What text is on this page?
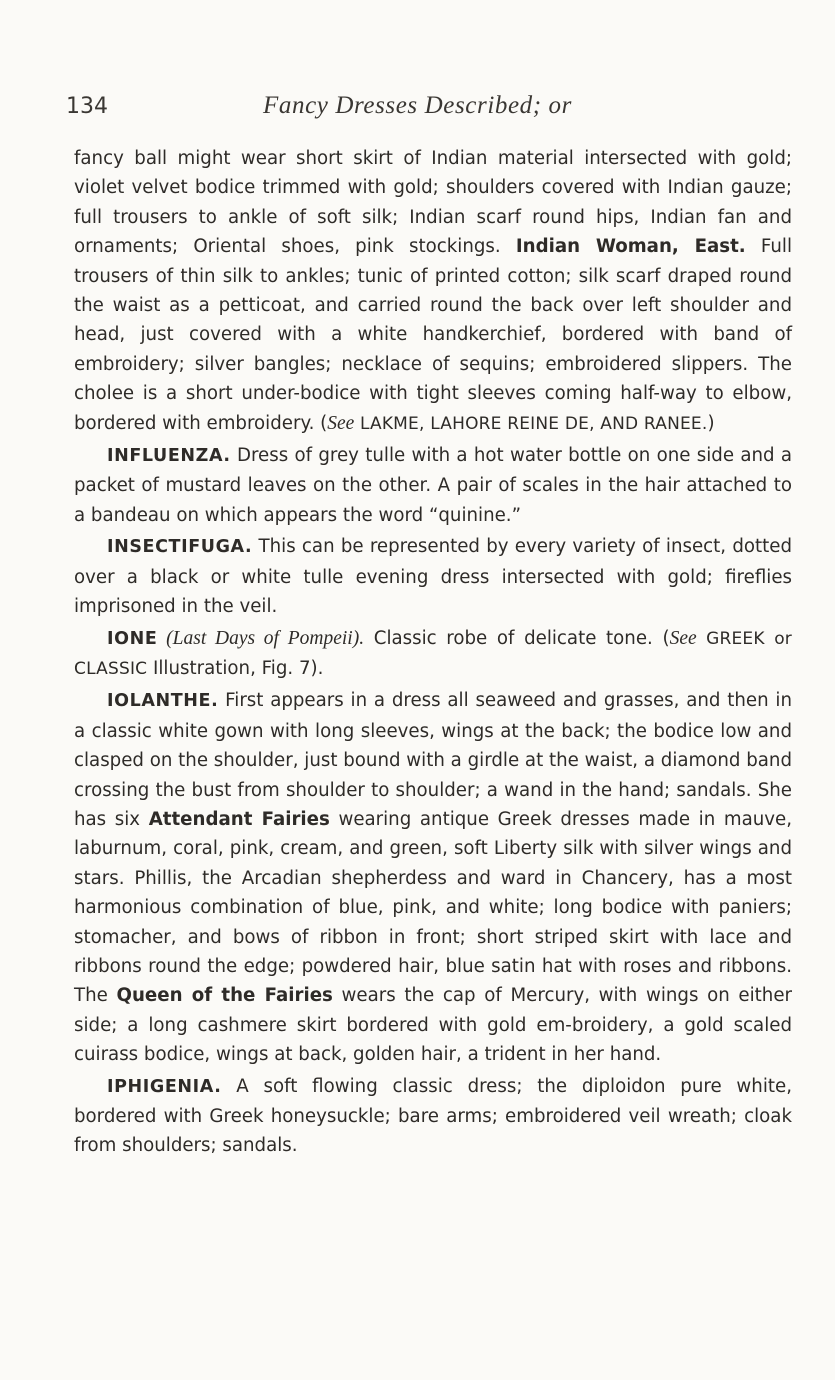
134	Fancy Dresses Described; or

fancy ball might wear short skirt of Indian material intersected with gold; violet velvet bodice trimmed with gold; shoulders covered with Indian gauze; full trousers to ankle of soft silk; Indian scarf round hips, Indian fan and ornaments; Oriental shoes, pink stockings. Indian Woman, East. Full trousers of thin silk to ankles; tunic of printed cotton; silk scarf draped round the waist as a petticoat, and carried round the back over left shoulder and head, just covered with a white handkerchief, bordered with band of embroidery; silver bangles; necklace of sequins; embroidered slippers. The cholee is a short under-bodice with tight sleeves coming half-way to elbow, bordered with embroidery. (See LAKME, LAHORE REINE DE, AND RANEE.)

INFLUENZA. Dress of grey tulle with a hot water bottle on one side and a packet of mustard leaves on the other. A pair of scales in the hair attached to a bandeau on which appears the word “quinine.”

INSECTIFUGA. This can be represented by every variety of insect, dotted over a black or white tulle evening dress intersected with gold; fireflies imprisoned in the veil.

IONE (Last Days of Pompeii). Classic robe of delicate tone. (See GREEK or CLASSIC Illustration, Fig. 7).

IOLANTHE. First appears in a dress all seaweed and grasses, and then in a classic white gown with long sleeves, wings at the back; the bodice low and clasped on the shoulder, just bound with a girdle at the waist, a diamond band crossing the bust from shoulder to shoulder; a wand in the hand; sandals. She has six Attendant Fairies wearing antique Greek dresses made in mauve, laburnum, coral, pink, cream, and green, soft Liberty silk with silver wings and stars. Phillis, the Arcadian shepherdess and ward in Chancery, has a most harmonious combination of blue, pink, and white; long bodice with paniers; stomacher, and bows of ribbon in front; short striped skirt with lace and ribbons round the edge; powdered hair, blue satin hat with roses and ribbons. The Queen of the Fairies wears the cap of Mercury, with wings on either side; a long cashmere skirt bordered with gold em-broidery, a gold scaled cuirass bodice, wings at back, golden hair, a trident in her hand.

IPHIGENIA. A soft flowing classic dress; the diploidon pure white, bordered with Greek honeysuckle; bare arms; embroidered veil wreath; cloak from shoulders; sandals.
